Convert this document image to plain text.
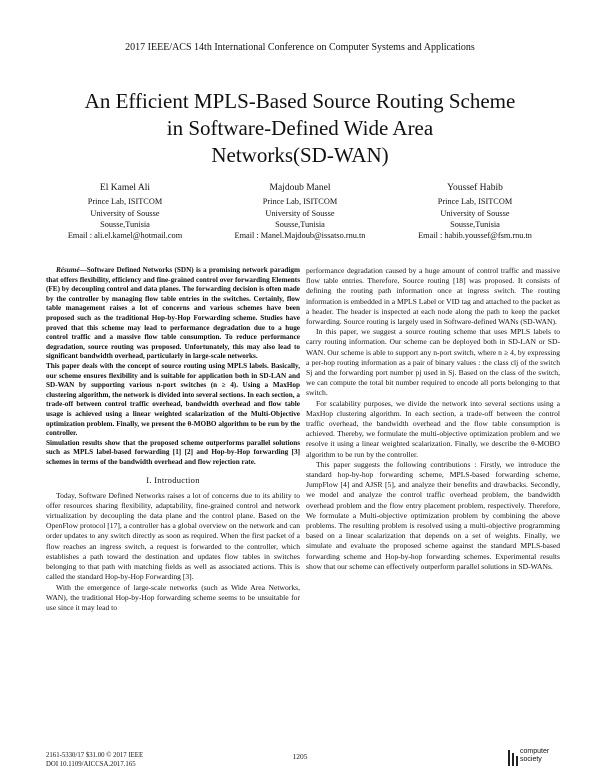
2017 IEEE/ACS 14th International Conference on Computer Systems and Applications
An Efficient MPLS-Based Source Routing Scheme
in Software-Defined Wide Area
Networks(SD-WAN)
El Kamel Ali
Prince Lab, ISITCOM
University of Sousse
Sousse,Tunisia
Email : ali.el.kamel@hotmail.com
Majdoub Manel
Prince Lab, ISITCOM
University of Sousse
Sousse,Tunisia
Email : Manel.Majdoub@issatso.rnu.tn
Youssef Habib
Prince Lab, ISITCOM
University of Sousse
Sousse,Tunisia
Email : habib.youssef@fsm.rnu.tn

Résumé—Software Defined Networks (SDN) is a promising network paradigm that offers flexibility, efficiency and fine-grained control over forwarding Elements (FE) by decoupling control and data planes. The forwarding decision is often made by the controller by managing flow table entries in the switches. Certainly, flow table management raises a lot of concerns and various schemes have been proposed such as the traditional Hop-by-Hop Forwarding scheme. Studies have proved that this scheme may lead to performance degradation due to a huge control traffic and a massive flow table consumption. To reduce performance degradation, source routing was proposed. Unfortunately, this may also lead to significant bandwidth overhead, particularly in large-scale networks.

This paper deals with the concept of source routing using MPLS labels. Basically, our scheme ensures flexibility and is suitable for application both in SD-LAN and SD-WAN by supporting various n-port switches (n ≥ 4). Using a MaxHop clustering algorithm, the network is divided into several sections. In each section, a trade-off between control traffic overhead, bandwidth overhead and flow table usage is achieved using a linear weighted scalarization of the Multi-Objective optimization problem. Finally, we present the θ-MOBO algorithm to be run by the controller.

Simulation results show that the proposed scheme outperforms parallel solutions such as MPLS label-based forwarding [1] [2] and Hop-by-Hop forwarding [3] schemes in terms of the bandwidth overhead and flow rejection rate.

I. Introduction

Today, Software Defined Networks raises a lot of concerns due to its ability to offer resources sharing flexibility, adaptability, fine-grained control and network virtualization by decoupling the data plane and the control plane. Based on the OpenFlow protocol [17], a controller has a global overview on the network and can order updates to any switch directly as soon as required. When the first packet of a flow reaches an ingress switch, a request is forwarded to the controller, which establishes a path toward the destination and updates flow tables in switches belonging to that path with matching fields as well as associated actions. This is called the standard Hop-by-Hop Forwarding [3].

With the emergence of large-scale networks (such as Wide Area Networks, WAN), the traditional Hop-by-Hop forwarding scheme seems to be unsuitable for use since it may lead to

performance degradation caused by a huge amount of control traffic and massive flow table entries. Therefore, Source routing [18] was proposed. It consists of defining the routing path information once at ingress switch. The routing information is embedded in a MPLS Label or VID tag and attached to the packet as a header. The header is inspected at each node along the path to keep the packet forwarding. Source routing is largely used in Software-defined WANs (SD-WAN).

In this paper, we suggest a source routing scheme that uses MPLS labels to carry routing information. Our scheme can be deployed both in SD-LAN or SD-WAN. Our scheme is able to support any n-port switch, where n ≥ 4, by expressing a per-hop routing information as a pair of binary values : the class clj of the switch Sj and the forwarding port number pj used in Sj. Based on the class of the switch, we can compute the total bit number required to encode all ports belonging to that switch.

For scalability purposes, we divide the network into several sections using a MaxHop clustering algorithm. In each section, a trade-off between the control traffic overhead, the bandwidth overhead and the flow table consumption is achieved. Thereby, we formulate the multi-objective optimization problem and we resolve it using a linear weighted scalarization. Finally, we describe the θ-MOBO algorithm to be run by the controller.

This paper suggests the following contributions : Firstly, we introduce the standard hop-by-hop forwarding scheme, MPLS-based forwarding scheme, JumpFlow [4] and AJSR [5], and analyze their benefits and drawbacks. Secondly, we model and analyze the control traffic overhead problem, the bandwidth overhead problem and the flow entry placement problem, respectively. Therefore, We formulate a Multi-objective optimization problem by combining the above problems. The resulting problem is resolved using a multi-objective programming based on a linear scalarization that depends on a set of weights. Finally, we simulate and evaluate the proposed scheme against the standard MPLS-based forwarding scheme and Hop-by-hop forwarding schemes. Experimental results show that our scheme can effectively outperform parallel solutions in SD-WANs.

2161-5330/17 $31.00 © 2017 IEEE
DOI 10.1109/AICCSA.2017.165
1205
computer
society
